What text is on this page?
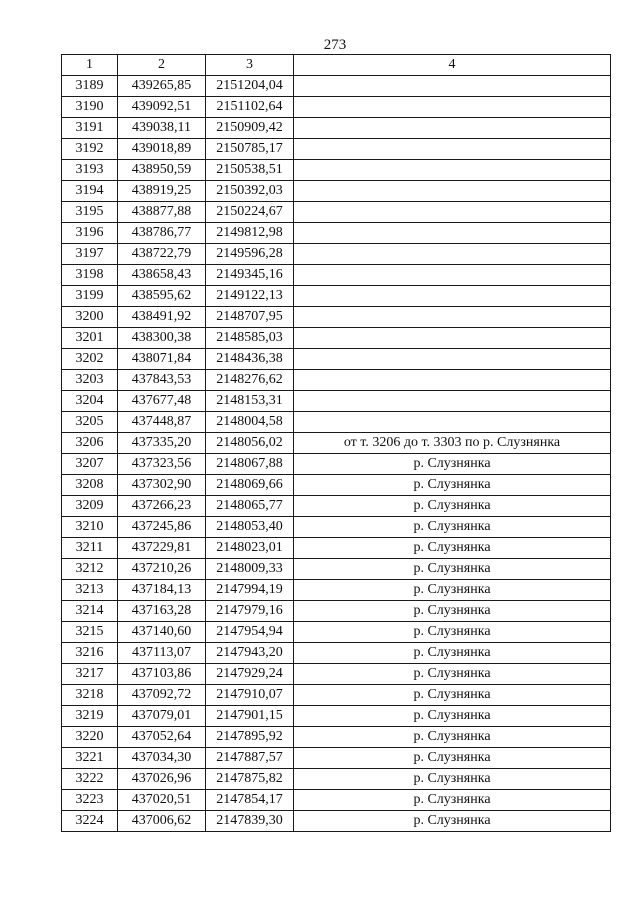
273
1	2	3	4
3189	439265,85	2151204,04	
3190	439092,51	2151102,64	
3191	439038,11	2150909,42	
3192	439018,89	2150785,17	
3193	438950,59	2150538,51	
3194	438919,25	2150392,03	
3195	438877,88	2150224,67	
3196	438786,77	2149812,98	
3197	438722,79	2149596,28	
3198	438658,43	2149345,16	
3199	438595,62	2149122,13	
3200	438491,92	2148707,95	
3201	438300,38	2148585,03	
3202	438071,84	2148436,38	
3203	437843,53	2148276,62	
3204	437677,48	2148153,31	
3205	437448,87	2148004,58	
3206	437335,20	2148056,02	от т. 3206 до т. 3303 по р. Слузнянка
3207	437323,56	2148067,88	р. Слузнянка
3208	437302,90	2148069,66	р. Слузнянка
3209	437266,23	2148065,77	р. Слузнянка
3210	437245,86	2148053,40	р. Слузнянка
3211	437229,81	2148023,01	р. Слузнянка
3212	437210,26	2148009,33	р. Слузнянка
3213	437184,13	2147994,19	р. Слузнянка
3214	437163,28	2147979,16	р. Слузнянка
3215	437140,60	2147954,94	р. Слузнянка
3216	437113,07	2147943,20	р. Слузнянка
3217	437103,86	2147929,24	р. Слузнянка
3218	437092,72	2147910,07	р. Слузнянка
3219	437079,01	2147901,15	р. Слузнянка
3220	437052,64	2147895,92	р. Слузнянка
3221	437034,30	2147887,57	р. Слузнянка
3222	437026,96	2147875,82	р. Слузнянка
3223	437020,51	2147854,17	р. Слузнянка
3224	437006,62	2147839,30	р. Слузнянка
